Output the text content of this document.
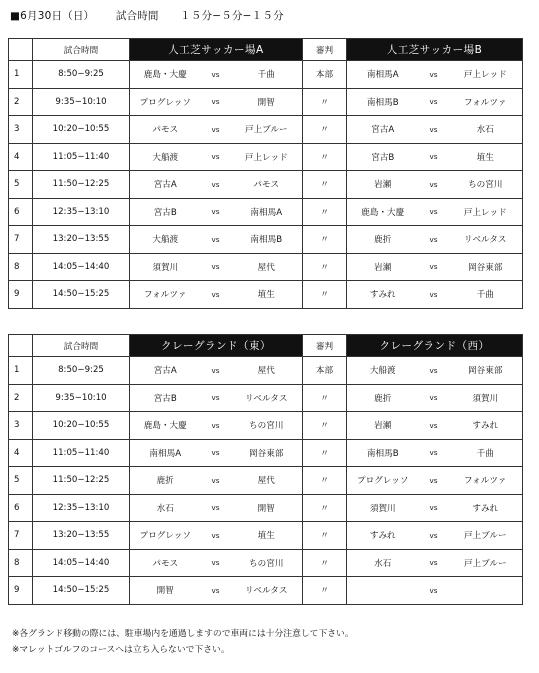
■6月30日（日） 試合時間 １５分−５分−１５分
	試合時間	人工芝サッカー場A			審判	人工芝サッカー場B		
1	8:50−9:25	鹿島・大慶	vs	千曲	本部	南相馬A	vs	戸上レッド
2	9:35−10:10	プログレッソ	vs	開智	〃	南相馬B	vs	フォルツァ
3	10:20−10:55	パモス	vs	戸上ブルー	〃	宮古A	vs	水石
4	11:05−11:40	大船渡	vs	戸上レッド	〃	宮古B	vs	埴生
5	11:50−12:25	宮古A	vs	パモス	〃	岩瀬	vs	ちの宮川
6	12:35−13:10	宮古B	vs	南相馬A	〃	鹿島・大慶	vs	戸上レッド
7	13:20−13:55	大船渡	vs	南相馬B	〃	鹿折	vs	リベルタス
8	14:05−14:40	須賀川	vs	屋代	〃	岩瀬	vs	岡谷東部
9	14:50−15:25	フォルツァ	vs	埴生	〃	すみれ	vs	千曲
	試合時間	クレーグランド（東）			審判	クレーグランド（西）		
1	8:50−9:25	宮古A	vs	屋代	本部	大船渡	vs	岡谷東部
2	9:35−10:10	宮古B	vs	リベルタス	〃	鹿折	vs	須賀川
3	10:20−10:55	鹿島・大慶	vs	ちの宮川	〃	岩瀬	vs	すみれ
4	11:05−11:40	南相馬A	vs	岡谷東部	〃	南相馬B	vs	千曲
5	11:50−12:25	鹿折	vs	屋代	〃	プログレッソ	vs	フォルツァ
6	12:35−13:10	水石	vs	開智	〃	須賀川	vs	すみれ
7	13:20−13:55	プログレッソ	vs	埴生	〃	すみれ	vs	戸上ブルー
8	14:05−14:40	パモス	vs	ちの宮川	〃	水石	vs	戸上ブルー
9	14:50−15:25	開智	vs	リベルタス	〃		vs	
※各グランド移動の際には、駐車場内を通過しますので車両には十分注意して下さい。
※マレットゴルフのコースへは立ち入らないで下さい。
